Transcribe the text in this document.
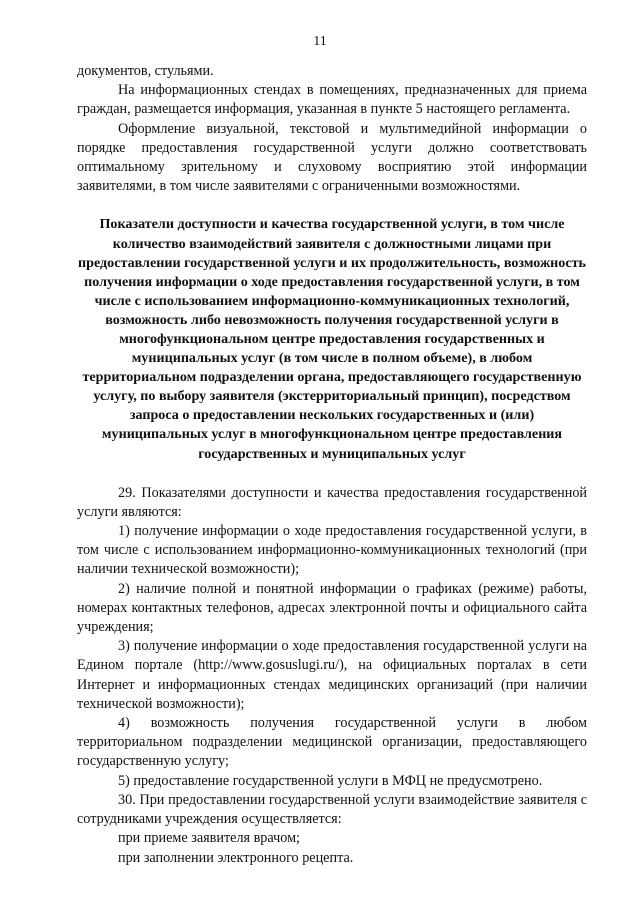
11

документов, стульями.

На информационных стендах в помещениях, предназначенных для приема граждан, размещается информация, указанная в пункте 5 настоящего регламента.

Оформление визуальной, текстовой и мультимедийной информации о порядке предоставления государственной услуги должно соответствовать оптимальному зрительному и слуховому восприятию этой информации заявителями, в том числе заявителями с ограниченными возможностями.

Показатели доступности и качества государственной услуги, в том числе количество взаимодействий заявителя с должностными лицами при предоставлении государственной услуги и их продолжительность, возможность получения информации о ходе предоставления государственной услуги, в том числе с использованием информационно-коммуникационных технологий, возможность либо невозможность получения государственной услуги в многофункциональном центре предоставления государственных и муниципальных услуг (в том числе в полном объеме), в любом территориальном подразделении органа, предоставляющего государственную услугу, по выбору заявителя (экстерриториальный принцип), посредством запроса о предоставлении нескольких государственных и (или) муниципальных услуг в многофункциональном центре предоставления государственных и муниципальных услуг

29. Показателями доступности и качества предоставления государственной услуги являются:

1) получение информации о ходе предоставления государственной услуги, в том числе с использованием информационно-коммуникационных технологий (при наличии технической возможности);

2) наличие полной и понятной информации о графиках (режиме) работы, номерах контактных телефонов, адресах электронной почты и официального сайта учреждения;

3) получение информации о ходе предоставления государственной услуги на Едином портале (http://www.gosuslugi.ru/), на официальных порталах в сети Интернет и информационных стендах медицинских организаций (при наличии технической возможности);

4) возможность получения государственной услуги в любом территориальном подразделении медицинской организации, предоставляющего государственную услугу;

5) предоставление государственной услуги в МФЦ не предусмотрено.

30. При предоставлении государственной услуги взаимодействие заявителя с сотрудниками учреждения осуществляется:

при приеме заявителя врачом;

при заполнении электронного рецепта.
